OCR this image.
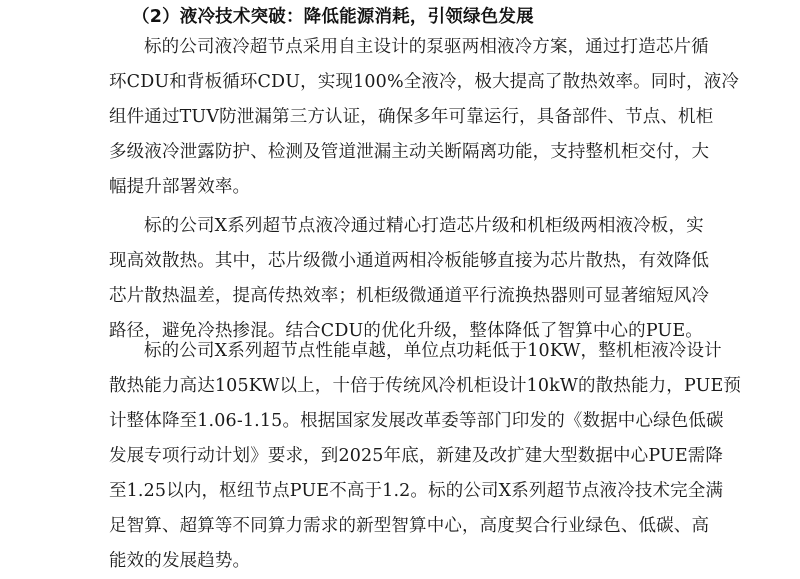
（2）液冷技术突破：降低能源消耗，引领绿色发展
标的公司液冷超节点采用自主设计的泵驱两相液冷方案，通过打造芯片循
环CDU和背板循环CDU，实现100%全液冷，极大提高了散热效率。同时，液冷
组件通过TUV防泄漏第三方认证，确保多年可靠运行，具备部件、节点、机柜
多级液冷泄露防护、检测及管道泄漏主动关断隔离功能，支持整机柜交付，大
幅提升部署效率。
标的公司X系列超节点液冷通过精心打造芯片级和机柜级两相液冷板，实
现高效散热。其中，芯片级微小通道两相冷板能够直接为芯片散热，有效降低
芯片散热温差，提高传热效率；机柜级微通道平行流换热器则可显著缩短风冷
路径，避免冷热掺混。结合CDU的优化升级，整体降低了智算中心的PUE。
标的公司X系列超节点性能卓越，单位点功耗低于10KW，整机柜液冷设计
散热能力高达105KW以上，十倍于传统风冷机柜设计10kW的散热能力，PUE预
计整体降至1.06-1.15。根据国家发展改革委等部门印发的《数据中心绿色低碳
发展专项行动计划》要求，到2025年底，新建及改扩建大型数据中心PUE需降
至1.25以内，枢纽节点PUE不高于1.2。标的公司X系列超节点液冷技术完全满
足智算、超算等不同算力需求的新型智算中心，高度契合行业绿色、低碳、高
能效的发展趋势。
